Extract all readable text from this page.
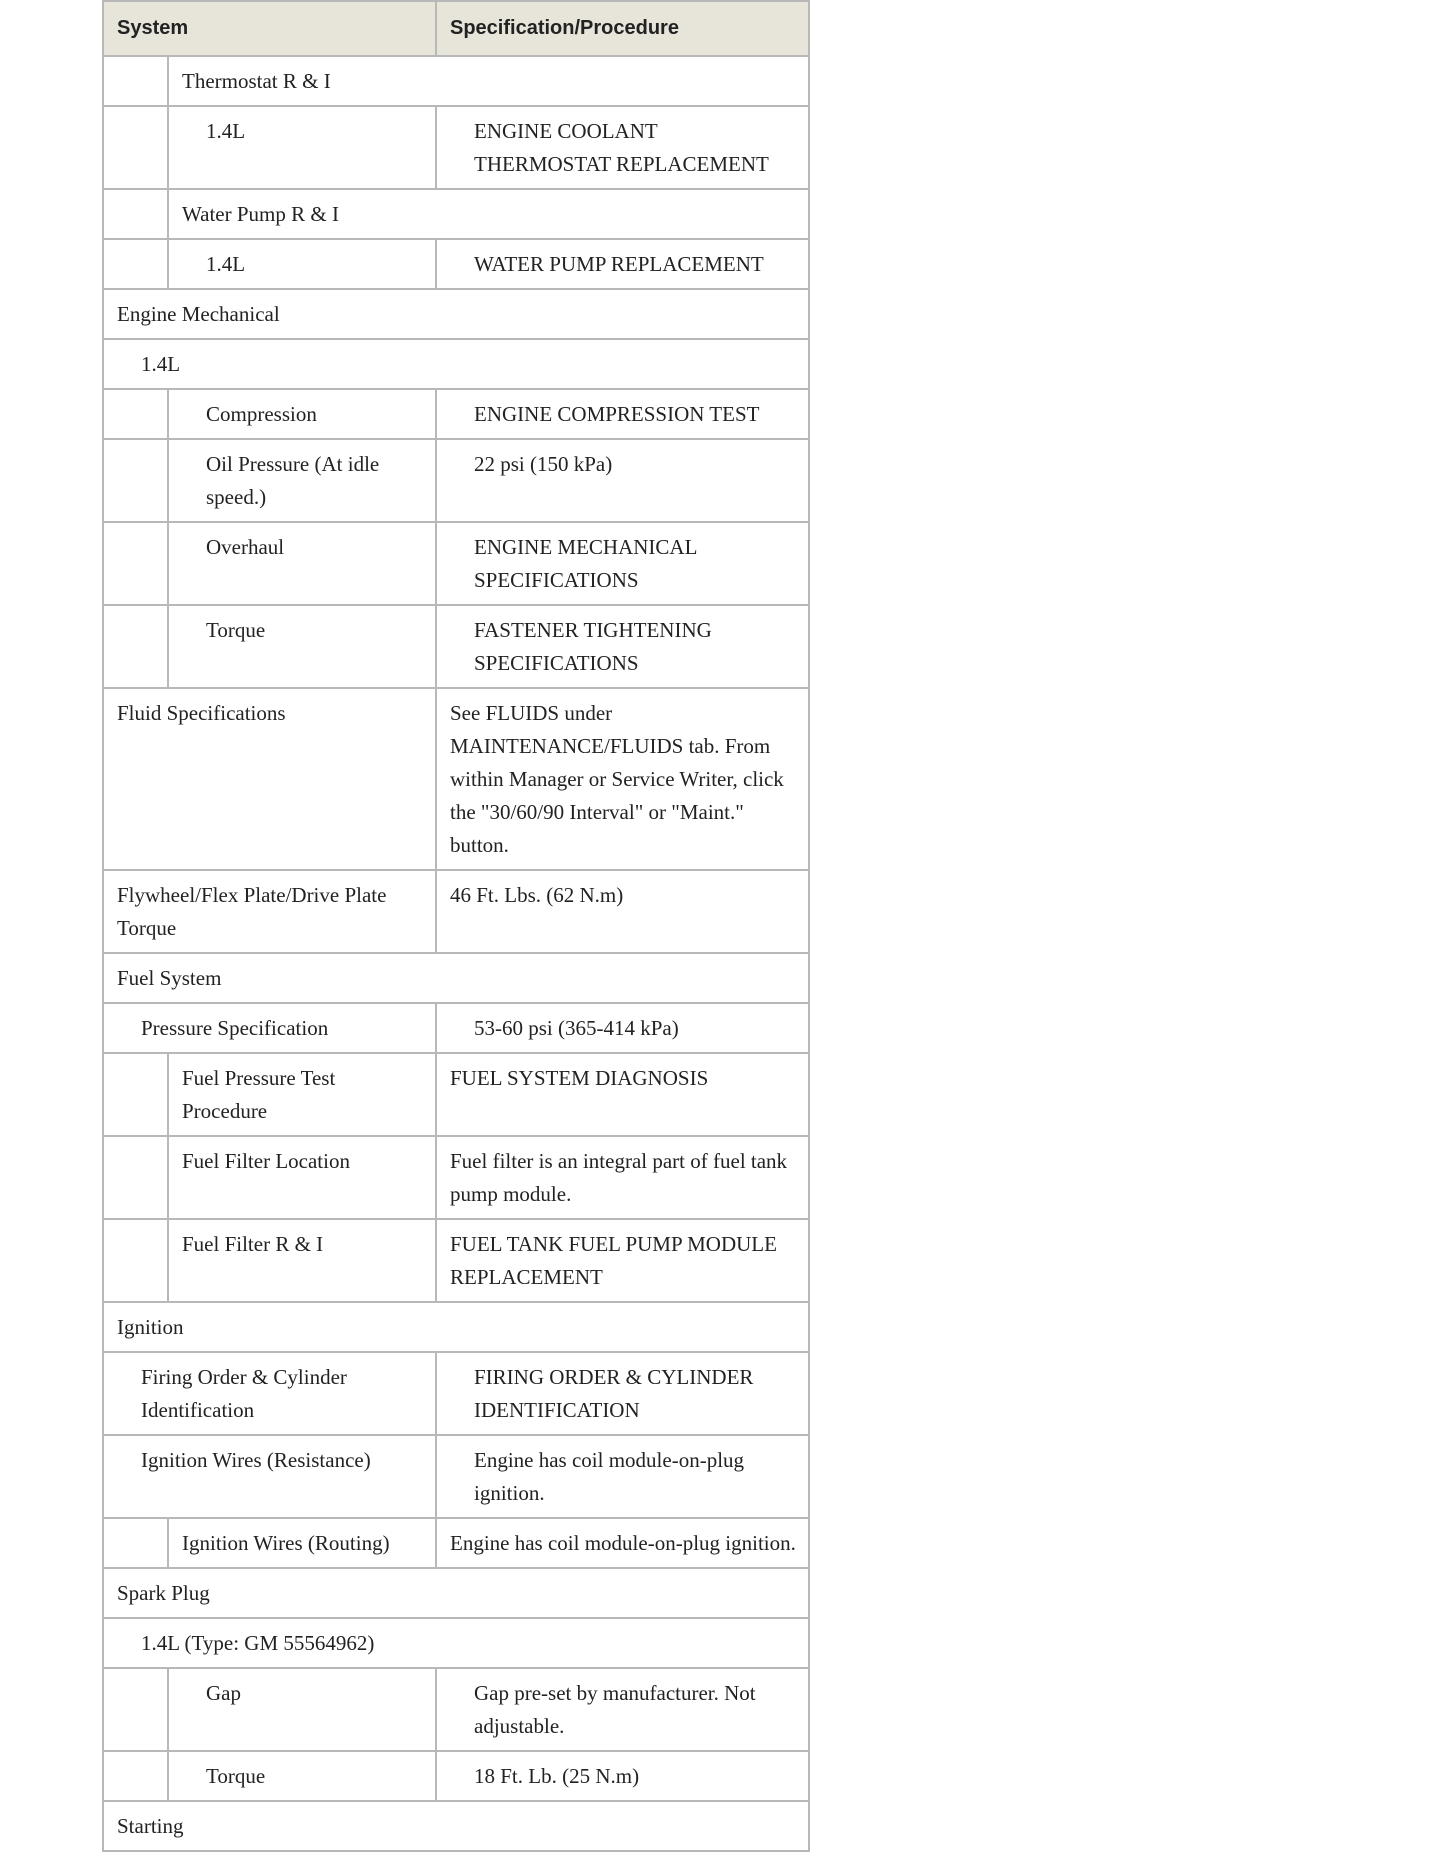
System		Specification/Procedure
	Thermostat R & I	
	1.4L	ENGINE COOLANT THERMOSTAT REPLACEMENT
	Water Pump R & I	
	1.4L	WATER PUMP REPLACEMENT
Engine Mechanical		
1.4L		
	Compression	ENGINE COMPRESSION TEST
	Oil Pressure (At idle speed.)	22 psi (150 kPa)
	Overhaul	ENGINE MECHANICAL SPECIFICATIONS
	Torque	FASTENER TIGHTENING SPECIFICATIONS
Fluid Specifications		See FLUIDS under MAINTENANCE/FLUIDS tab. From within Manager or Service Writer, click the "30/60/90 Interval" or "Maint." button.
Flywheel/Flex Plate/Drive Plate Torque		46 Ft. Lbs. (62 N.m)
Fuel System		
Pressure Specification		53-60 psi (365-414 kPa)
	Fuel Pressure Test Procedure	FUEL SYSTEM DIAGNOSIS
	Fuel Filter Location	Fuel filter is an integral part of fuel tank pump module.
	Fuel Filter R & I	FUEL TANK FUEL PUMP MODULE REPLACEMENT
Ignition		
Firing Order & Cylinder Identification		FIRING ORDER & CYLINDER IDENTIFICATION
Ignition Wires (Resistance)		Engine has coil module-on-plug ignition.
	Ignition Wires (Routing)	Engine has coil module-on-plug ignition.
Spark Plug		
1.4L (Type: GM 55564962)		
	Gap	Gap pre-set by manufacturer. Not adjustable.
	Torque	18 Ft. Lb. (25 N.m)
Starting		
